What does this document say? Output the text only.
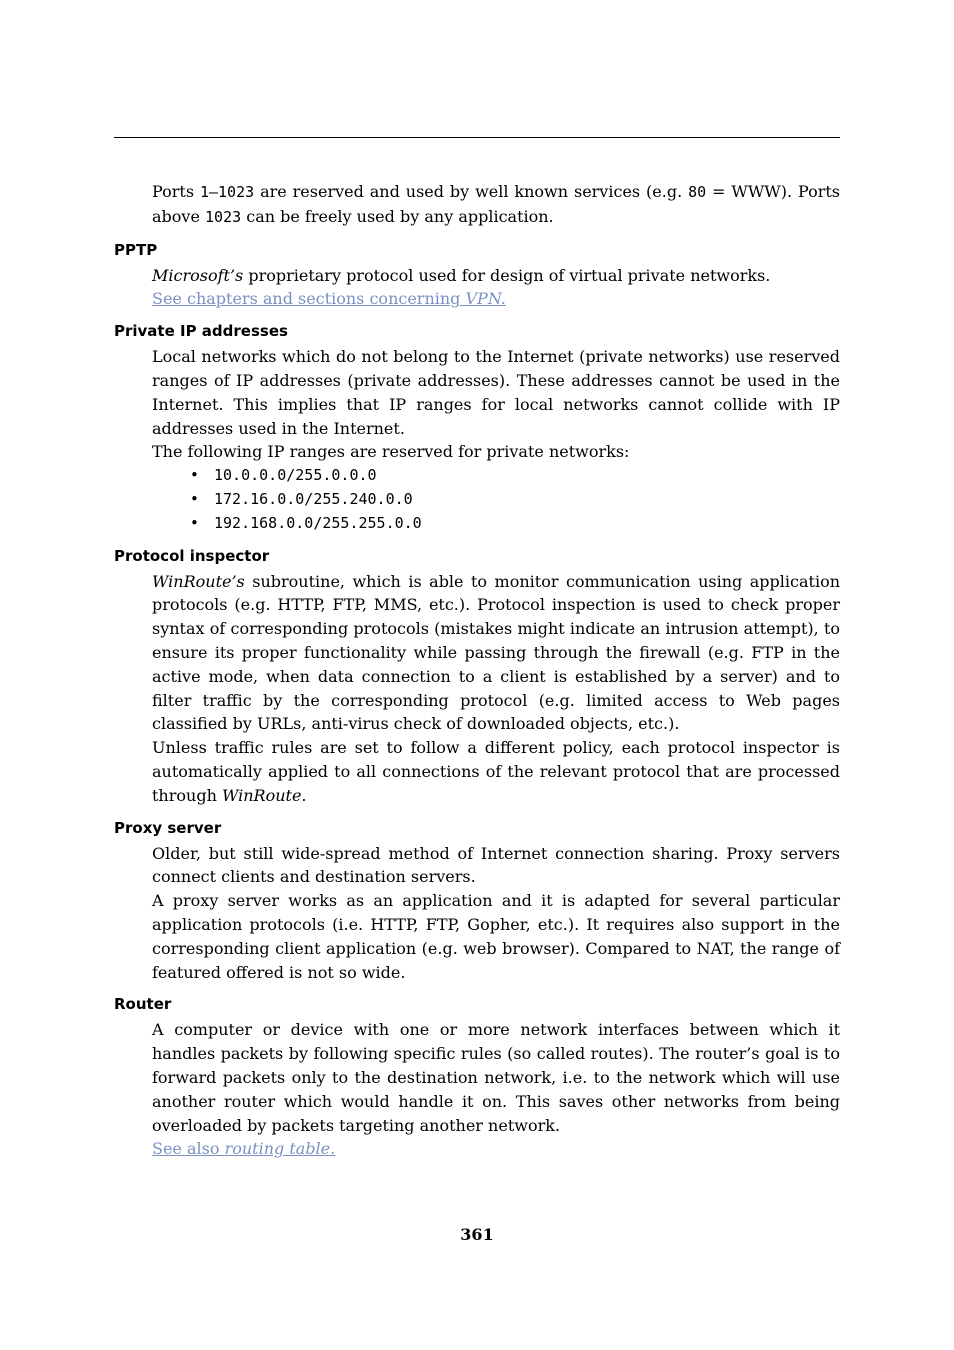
Ports 1–1023 are reserved and used by well known services (e.g. 80 = WWW). Ports above 1023 can be freely used by any application.

PPTP

Microsoft’s proprietary protocol used for design of virtual private networks.

See chapters and sections concerning VPN.

Private IP addresses

Local networks which do not belong to the Internet (private networks) use reserved ranges of IP addresses (private addresses). These addresses cannot be used in the Internet. This implies that IP ranges for local networks cannot collide with IP addresses used in the Internet.

The following IP ranges are reserved for private networks:

• 10.0.0.0/255.0.0.0
• 172.16.0.0/255.240.0.0
• 192.168.0.0/255.255.0.0
Protocol inspector

WinRoute’s subroutine, which is able to monitor communication using application protocols (e.g. HTTP, FTP, MMS, etc.). Protocol inspection is used to check proper syntax of corresponding protocols (mistakes might indicate an intrusion attempt), to ensure its proper functionality while passing through the firewall (e.g. FTP in the active mode, when data connection to a client is established by a server) and to filter traffic by the corresponding protocol (e.g. limited access to Web pages classified by URLs, anti-virus check of downloaded objects, etc.).

Unless traffic rules are set to follow a different policy, each protocol inspector is automatically applied to all connections of the relevant protocol that are processed through WinRoute.

Proxy server

Older, but still wide-spread method of Internet connection sharing. Proxy servers connect clients and destination servers.

A proxy server works as an application and it is adapted for several particular application protocols (i.e. HTTP, FTP, Gopher, etc.). It requires also support in the corresponding client application (e.g. web browser). Compared to NAT, the range of featured offered is not so wide.

Router

A computer or device with one or more network interfaces between which it handles packets by following specific rules (so called routes). The router’s goal is to forward packets only to the destination network, i.e. to the network which will use another router which would handle it on. This saves other networks from being overloaded by packets targeting another network.

See also routing table.

361
